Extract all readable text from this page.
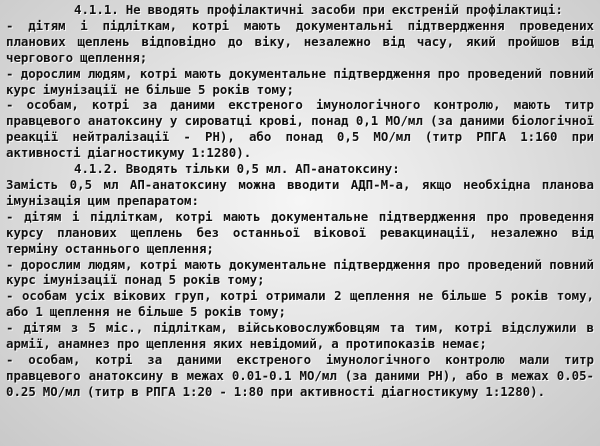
4.1.1. Не вводять профілактичні засоби при екстреній профілактиці:

- дітям і підліткам, котрі мають документальні підтвердження проведених планових щеплень відповідно до віку, незалежно від часу, який пройшов від чергового щеплення;

- дорослим людям, котрі мають документальне підтвердження про проведений повний курс імунізації не більше 5 років тому;

- особам, котрі за даними екстреного імунологічного контролю, мають титр правцевого анатоксину у сироватці крові, понад 0,1 МО/мл (за даними біологічної реакції нейтралізації - РН), або понад 0,5 МО/мл (титр РПГА 1:160 при активності діагностикуму 1:1280).

4.1.2. Вводять тільки 0,5 мл. АП-анатоксину:

Замість 0,5 мл АП-анатоксину можна вводити АДП-М-а, якщо необхідна планова імунізація цим препаратом:

- дітям і підліткам, котрі мають документальне підтвердження про проведення курсу планових щеплень без останньої вікової ревакцинації, незалежно від терміну останнього щеплення;

- дорослим людям, котрі мають документальне підтвердження про проведений повний курс імунізації понад 5 років тому;

- особам усіх вікових груп, котрі отримали 2 щеплення не більше 5 років тому, або 1 щеплення не більше 5 років тому;

- дітям з 5 міс., підліткам, військовослужбовцям та тим, котрі відслужили в армії, анамнез про щеплення яких невідомий, а протипоказів немає;

- особам, котрі за даними екстреного імунологічного контролю мали титр правцевого анатоксину в межах 0.01-0.1 МО/мл (за даними РН), або в межах 0.05-0.25 МО/мл (титр в РПГА 1:20 - 1:80 при активності діагностикуму 1:1280).
